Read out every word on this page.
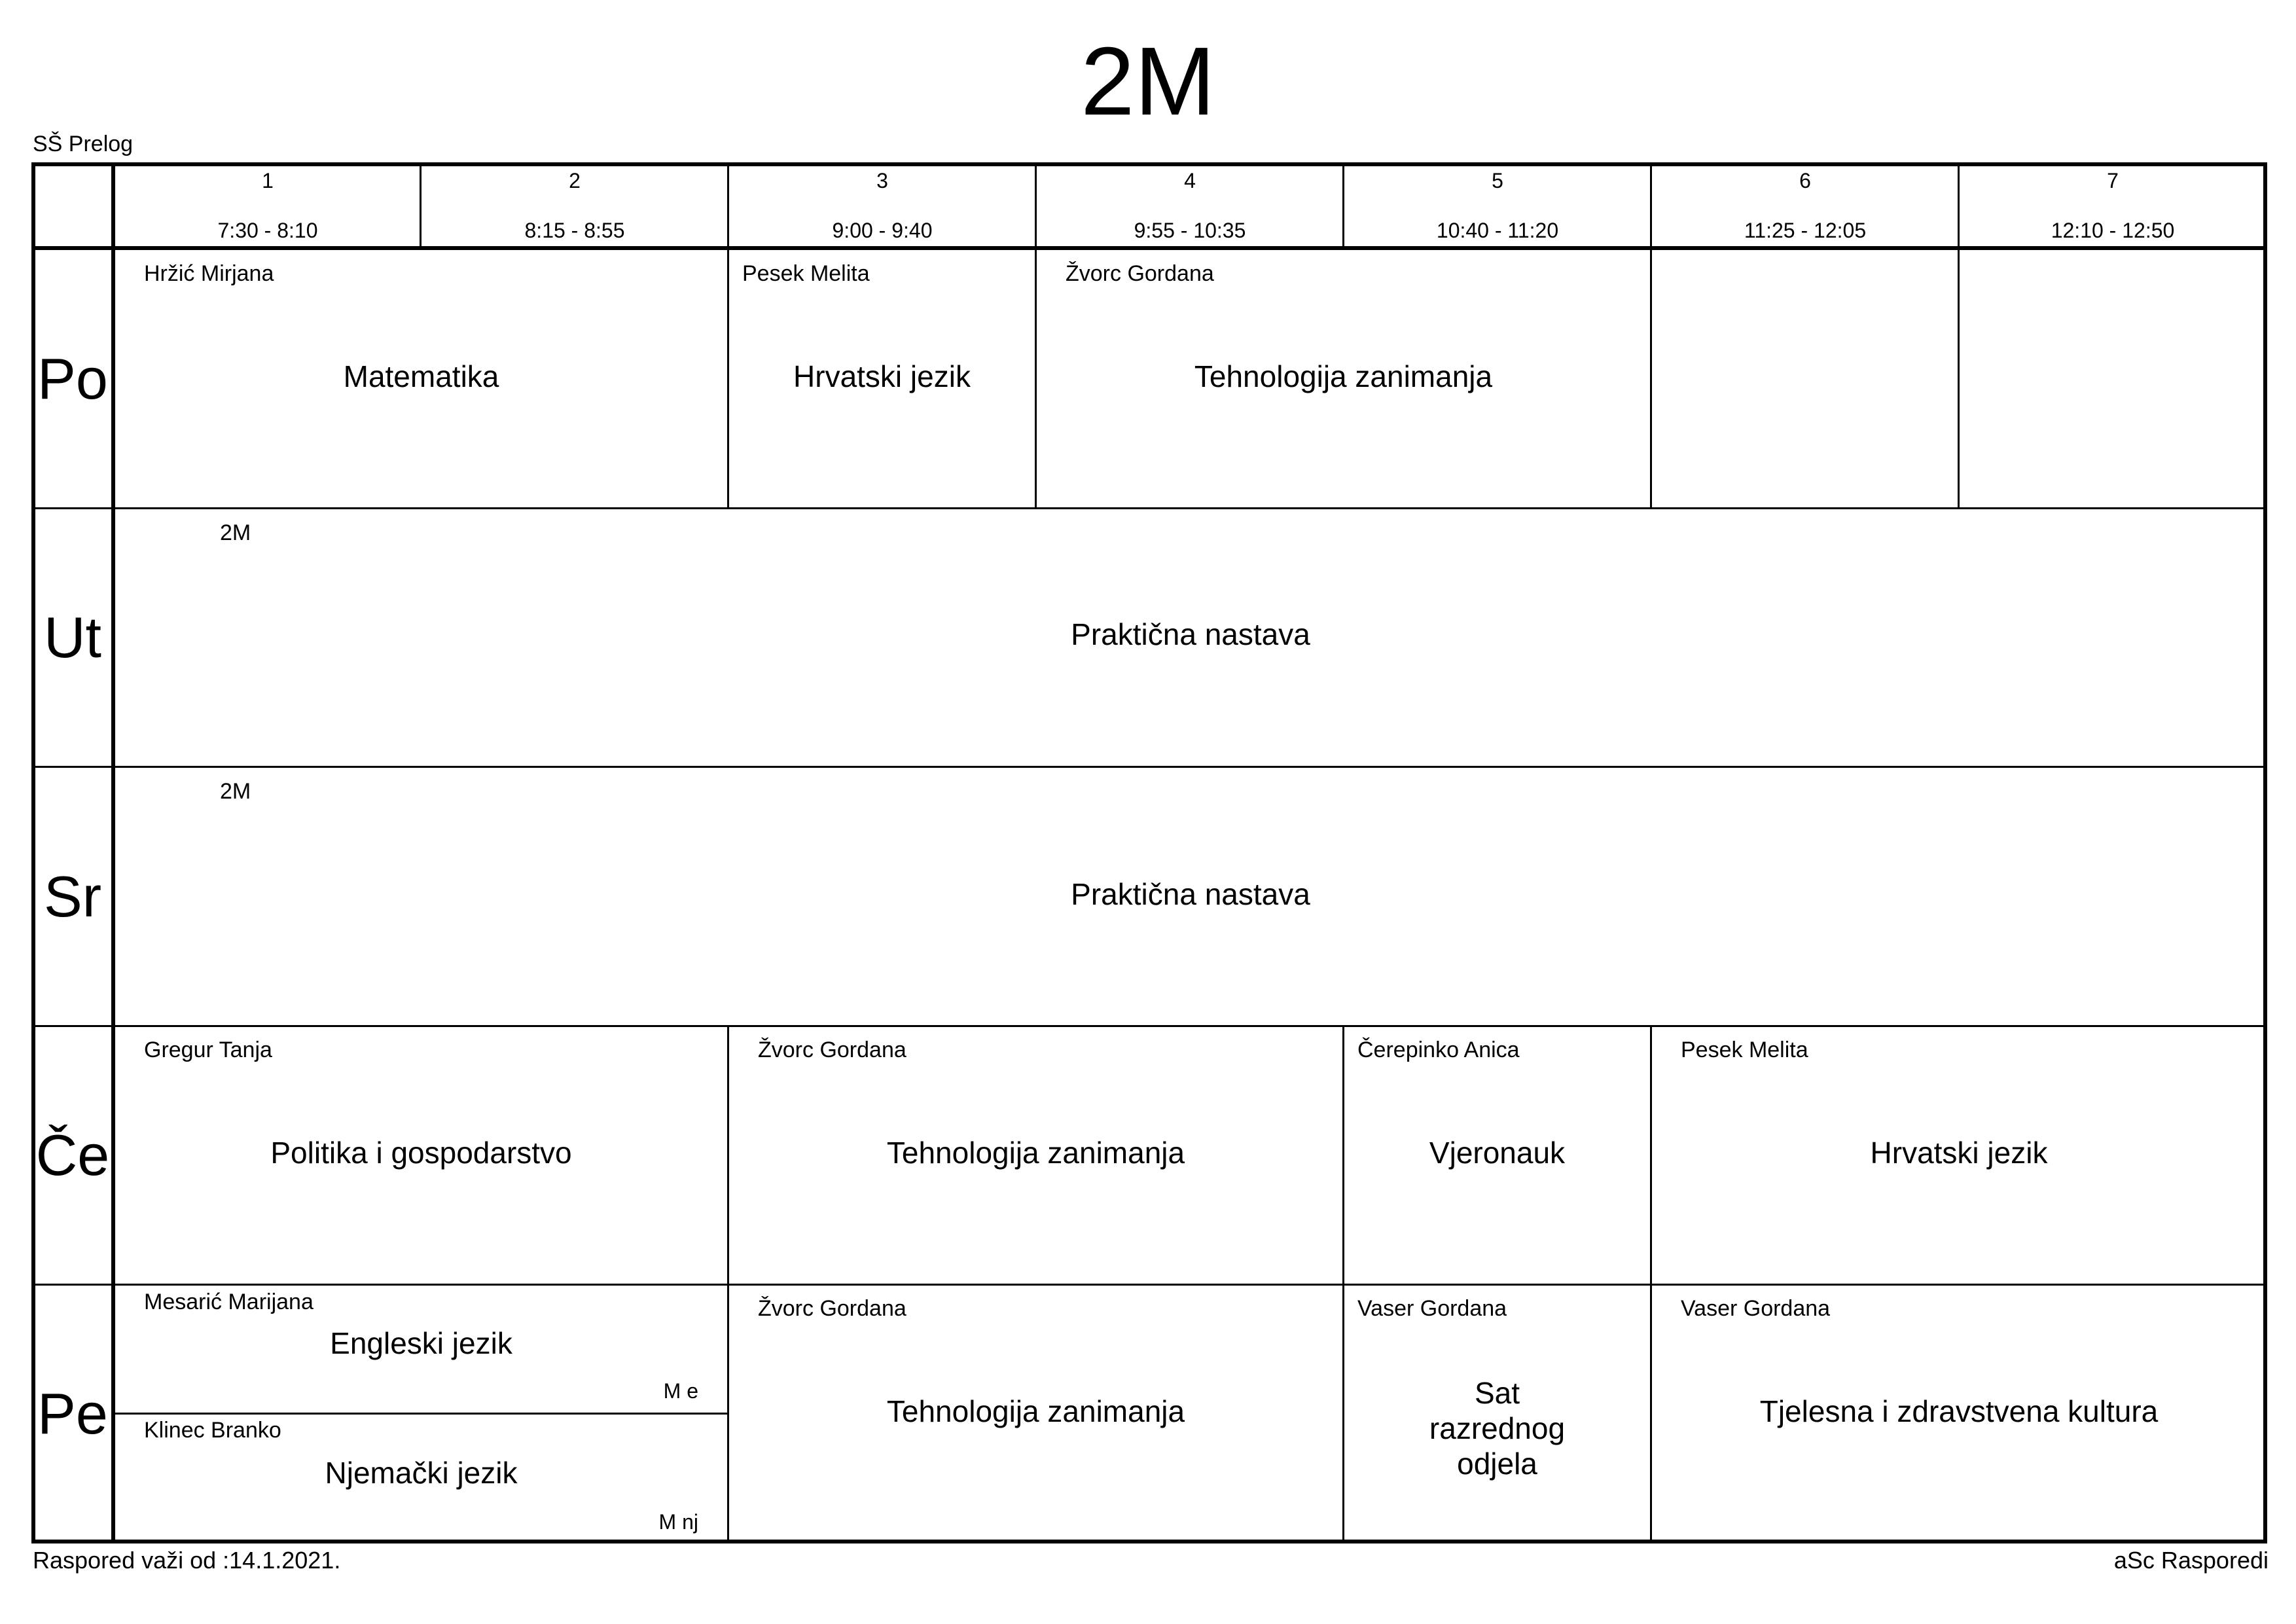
2M
SŠ Prelog
1
7:30 - 8:10
2
8:15 - 8:55
3
9:00 - 9:40
4
9:55 - 10:35
5
10:40 - 11:20
6
11:25 - 12:05
7
12:10 - 12:50
Po
Ut
Sr
Če
Pe
Hržić Mirjana
Matematika
Pesek Melita
Hrvatski jezik
Žvorc Gordana
Tehnologija zanimanja
2M
Praktična nastava
2M
Praktična nastava
Gregur Tanja
Politika i gospodarstvo
Žvorc Gordana
Tehnologija zanimanja
Čerepinko Anica
Vjeronauk
Pesek Melita
Hrvatski jezik
Mesarić Marijana
Engleski jezik
M e
Klinec Branko
Njemački jezik
M nj
Žvorc Gordana
Tehnologija zanimanja
Vaser Gordana
Sat razrednog odjela
Vaser Gordana
Tjelesna i zdravstvena kultura
Raspored važi od :14.1.2021.	aSc Rasporedi
